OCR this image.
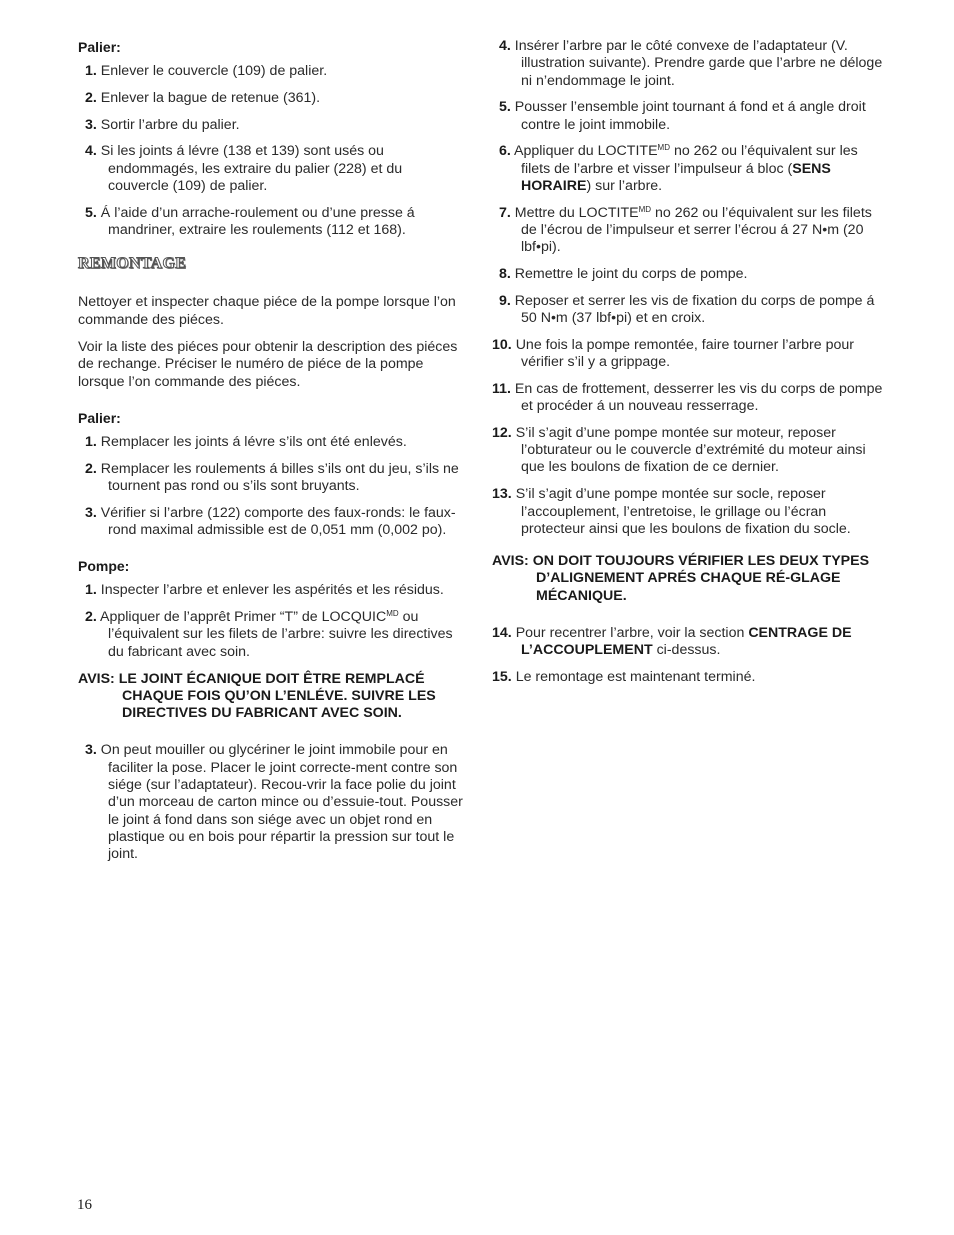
Palier:
1. Enlever le couvercle (109) de palier.
2. Enlever la bague de retenue (361).
3. Sortir l’arbre du palier.
4. Si les joints á lévre (138 et 139) sont usés ou endommagés, les extraire du palier (228) et du couvercle (109) de palier.
5. Á l’aide d’un arrache-roulement ou d’une presse á mandriner, extraire les roulements (112 et 168).
REMONTAGE

Nettoyer et inspecter chaque piéce de la pompe lorsque l’on commande des piéces.

Voir la liste des piéces pour obtenir la description des piéces de rechange. Préciser le numéro de piéce de la pompe lorsque l’on commande des piéces.

Palier:
1. Remplacer les joints á lévre s’ils ont été enlevés.
2. Remplacer les roulements á billes s’ils ont du jeu, s’ils ne tournent pas rond ou s’ils sont bruyants.
3. Vérifier si l’arbre (122) comporte des faux-ronds: le faux-rond maximal admissible est de 0,051 mm (0,002 po).
Pompe:
1. Inspecter l’arbre et enlever les aspérités et les résidus.
2. Appliquer de l’apprêt Primer “T” de $LOCQUIC^{MD}$ ou l’équivalent sur les filets de l’arbre: suivre les directives du fabricant avec soin.
AVIS: LE JOINT ÉCANIQUE DOIT ÊTRE REMPLACÉ CHAQUE FOIS QU’ON L’ENLÉVE. SUIVRE LES DIRECTIVES DU FABRICANT AVEC SOIN.
3. On peut mouiller ou glycériner le joint immobile pour en faciliter la pose. Placer le joint correcte-ment contre son siége (sur l’adaptateur). Recou-vrir la face polie du joint d’un morceau de carton mince ou d’essuie-tout. Pousser le joint á fond dans son siége avec un objet rond en plastique ou en bois pour répartir la pression sur tout le joint.
4. Insérer l’arbre par le côté convexe de l’adaptateur (V. illustration suivante). Prendre garde que l’arbre ne déloge ni n’endommage le joint.
5. Pousser l’ensemble joint tournant á fond et á angle droit contre le joint immobile.
6. Appliquer du $LOCTITE^{MD}$ no 262 ou l’équivalent sur les filets de l’arbre et visser l’impulseur á bloc (SENS HORAIRE) sur l’arbre.
7. Mettre du $LOCTITE^{MD}$ no 262 ou l’équivalent sur les filets de l’écrou de l’impulseur et serrer l’écrou á 27 N•m (20 lbf•pi).
8. Remettre le joint du corps de pompe.
9. Reposer et serrer les vis de fixation du corps de pompe á 50 N•m (37 lbf•pi) et en croix.
10. Une fois la pompe remontée, faire tourner l’arbre pour vérifier s’il y a grippage.
11. En cas de frottement, desserrer les vis du corps de pompe et procéder á un nouveau resserrage.
12. S’il s’agit d’une pompe montée sur moteur, reposer l’obturateur ou le couvercle d’extrémité du moteur ainsi que les boulons de fixation de ce dernier.
13. S’il s’agit d’une pompe montée sur socle, reposer l’accouplement, l’entretoise, le grillage ou l’écran protecteur ainsi que les boulons de fixation du socle.
AVIS: ON DOIT TOUJOURS VÉRIFIER LES DEUX TYPES D’ALIGNEMENT APRÉS CHAQUE RÉ-GLAGE MÉCANIQUE.
14. Pour recentrer l’arbre, voir la section CENTRAGE DE L’ACCOUPLEMENT ci-dessus.
15. Le remontage est maintenant terminé.
16
